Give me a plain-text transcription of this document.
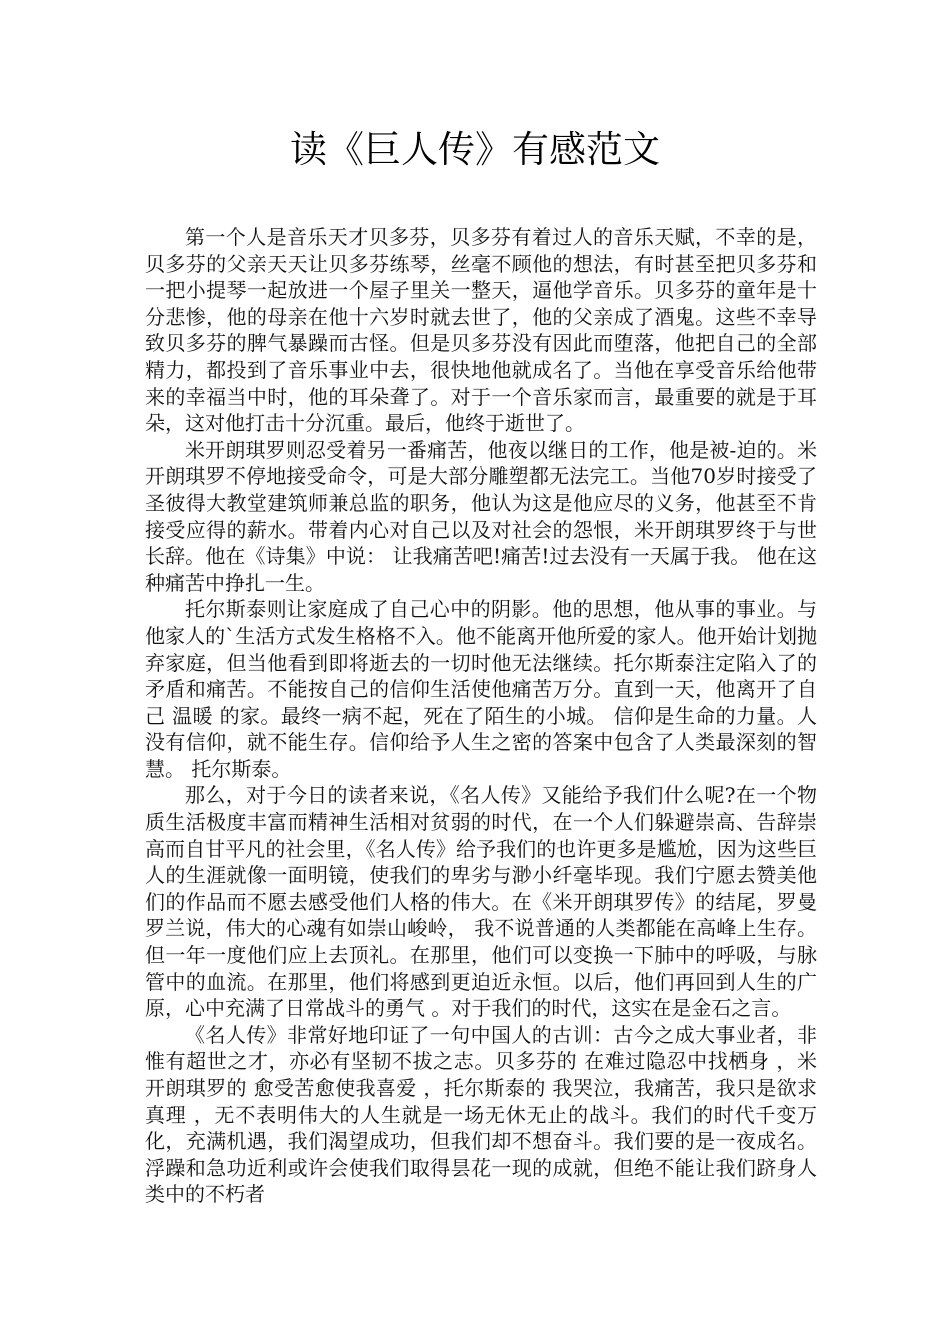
读《巨人传》有感范文

第一个人是音乐天才贝多芬，贝多芬有着过人的音乐天赋，不幸的是，贝多芬的父亲天天让贝多芬练琴，丝毫不顾他的想法，有时甚至把贝多芬和一把小提琴一起放进一个屋子里关一整天，逼他学音乐。贝多芬的童年是十分悲惨，他的母亲在他十六岁时就去世了，他的父亲成了酒鬼。这些不幸导致贝多芬的脾气暴躁而古怪。但是贝多芬没有因此而堕落，他把自己的全部精力，都投到了音乐事业中去，很快地他就成名了。当他在享受音乐给他带来的幸福当中时，他的耳朵聋了。对于一个音乐家而言，最重要的就是于耳朵，这对他打击十分沉重。最后，他终于逝世了。

米开朗琪罗则忍受着另一番痛苦，他夜以继日的工作，他是被-迫的。米开朗琪罗不停地接受命令，可是大部分雕塑都无法完工。当他70岁时接受了圣彼得大教堂建筑师兼总监的职务，他认为这是他应尽的义务，他甚至不肯接受应得的薪水。带着内心对自己以及对社会的怨恨，米开朗琪罗终于与世长辞。他在《诗集》中说： 让我痛苦吧!痛苦!过去没有一天属于我。 他在这种痛苦中挣扎一生。

托尔斯泰则让家庭成了自己心中的阴影。他的思想，他从事的事业。与他家人的`生活方式发生格格不入。他不能离开他所爱的家人。他开始计划抛弃家庭，但当他看到即将逝去的一切时他无法继续。托尔斯泰注定陷入了的矛盾和痛苦。不能按自己的信仰生活使他痛苦万分。直到一天，他离开了自己 温暖 的家。最终一病不起，死在了陌生的小城。 信仰是生命的力量。人没有信仰，就不能生存。信仰给予人生之密的答案中包含了人类最深刻的智慧。 托尔斯泰。

那么，对于今日的读者来说，《名人传》又能给予我们什么呢?在一个物质生活极度丰富而精神生活相对贫弱的时代，在一个人们躲避崇高、告辞崇高而自甘平凡的社会里，《名人传》给予我们的也许更多是尴尬，因为这些巨人的生涯就像一面明镜，使我们的卑劣与渺小纤毫毕现。我们宁愿去赞美他们的作品而不愿去感受他们人格的伟大。在《米开朗琪罗传》的结尾，罗曼罗兰说，伟大的心魂有如崇山峻岭， 我不说普通的人类都能在高峰上生存。但一年一度他们应上去顶礼。在那里，他们可以变换一下肺中的呼吸，与脉管中的血流。在那里，他们将感到更迫近永恒。以后，他们再回到人生的广原，心中充满了日常战斗的勇气 。对于我们的时代，这实在是金石之言。

《名人传》非常好地印证了一句中国人的古训：古今之成大事业者，非惟有超世之才，亦必有坚韧不拔之志。贝多芬的 在难过隐忍中找栖身 ，米开朗琪罗的 愈受苦愈使我喜爱 ，托尔斯泰的 我哭泣，我痛苦，我只是欲求真理 ，无不表明伟大的人生就是一场无休无止的战斗。我们的时代千变万化，充满机遇，我们渴望成功，但我们却不想奋斗。我们要的是一夜成名。浮躁和急功近利或许会使我们取得昙花一现的成就，但绝不能让我们跻身人类中的不朽者
